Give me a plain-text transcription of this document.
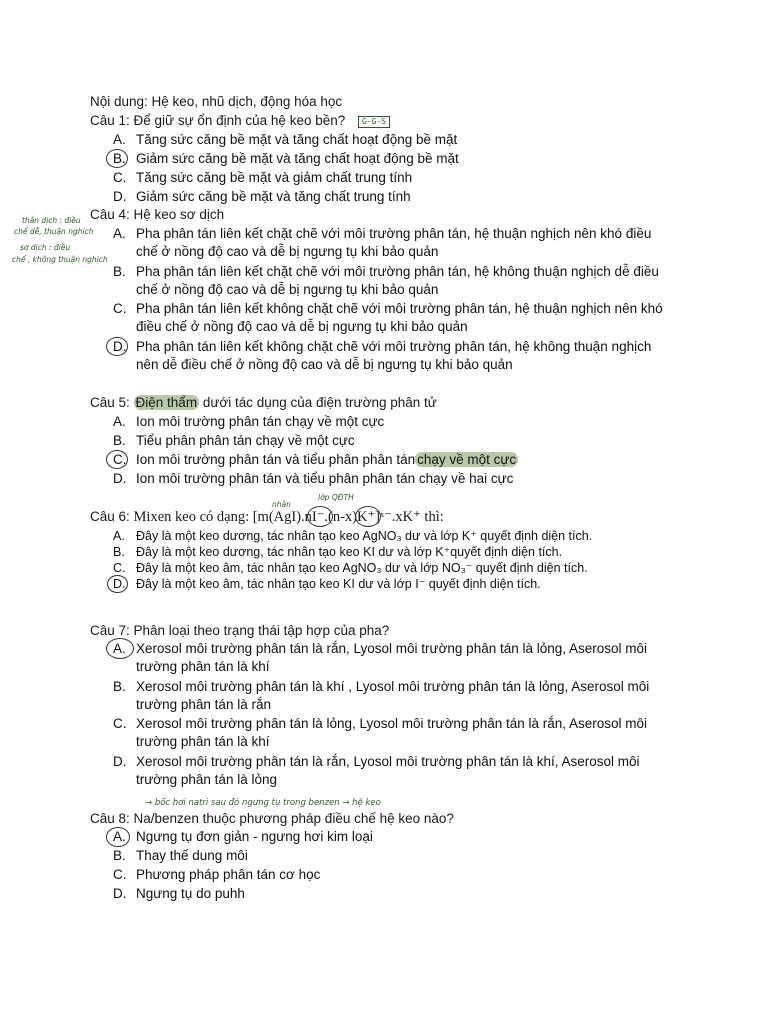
Nội dung: Hệ keo, nhũ dịch, động hóa học
Câu 1: Để giữ sự ổn định của hệ keo bền?	G-G-S
A. Tăng sức căng bề mặt và tăng chất hoạt động bề mặt
B. Giảm sức căng bề mặt và tăng chất hoạt động bề mặt
C. Tăng sức căng bề mặt và giảm chất trung tính
D. Giảm sức căng bề mặt và tăng chất trung tính
Câu 4: Hệ keo sơ dịch
thân dịch : điều
chế dễ, thuận nghịch
sơ dịch : điều
chế , không thuận nghịch
A. Pha phân tán liên kết chặt chẽ với môi trường phân tán, hệ thuận nghịch nên khó điều
chế ở nồng độ cao và dễ bị ngưng tụ khi bảo quản
B. Pha phân tán liên kết chặt chẽ với môi trường phân tán, hệ không thuận nghịch dễ điều
chế ở nồng độ cao và dễ bị ngưng tụ khi bảo quản
C. Pha phân tán liên kết không chặt chẽ với môi trường phân tán, hệ thuận nghịch nên khó
điều chế ở nồng độ cao và dễ bị ngưng tụ khi bảo quản
D. Pha phân tán liên kết không chặt chẽ với môi trường phân tán, hệ không thuận nghịch
nên dễ điều chế ở nồng độ cao và dễ bị ngưng tụ khi bảo quản
Câu 5: Điện thẩm dưới tác dụng của điện trường phân tử
A. Ion môi trường phân tán chạy về một cực
B. Tiểu phân phân tán chạy về một cực
C. Ion môi trường phân tán và tiểu phân phân tán chạy về một cực
D. Ion môi trường phân tán và tiểu phân phân tán chạy về hai cực
nhân
lớp QĐTH
Câu 6: Mixen keo có dạng: [m(AgI).nI⁻.(n-x)K⁺]ˣ⁻.xK⁺ thì:
A. Đây là một keo dương, tác nhân tạo keo AgNO₃ dư và lớp K⁺ quyết định diện tích.
B. Đây là một keo dương, tác nhân tạo keo KI dư và lớp K⁺quyết định diện tích.
C. Đây là một keo âm, tác nhân tạo keo AgNO₃ dư và lớp NO₃⁻ quyết định diện tích.
D. Đây là một keo âm, tác nhân tạo keo KI dư và lớp I⁻ quyết định diện tích.
Câu 7: Phân loại theo trạng thái tập hợp của pha?
A. Xerosol môi trường phân tán là rắn, Lyosol môi trường phân tán là lỏng, Aserosol môi
trường phân tán là khí
B. Xerosol môi trường phân tán là khí , Lyosol môi trường phân tán là lỏng, Aserosol môi
trường phân tán là rắn
C. Xerosol môi trường phân tán là lỏng, Lyosol môi trường phân tán là rắn, Aserosol môi
trường phân tán là khí
D. Xerosol môi trường phân tán là rắn, Lyosol môi trường phân tán là khí, Aserosol môi
trường phân tán là lỏng
→ bốc hơi natri sau đó ngưng tụ trong benzen → hệ keo
Câu 8: Na/benzen thuộc phương pháp điều chế hệ keo nào?
A. Ngưng tụ đơn giản - ngưng hơi kim loại
B. Thay thế dung môi
C. Phương pháp phân tán cơ học
D. Ngưng tụ do puhh
